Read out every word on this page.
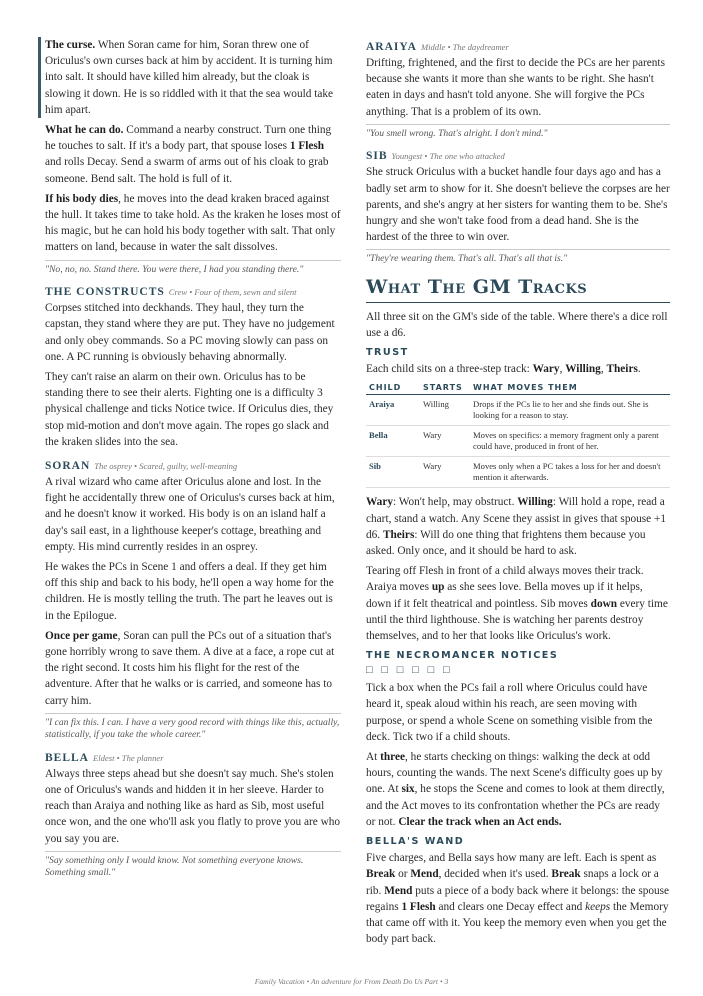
The curse. When Soran came for him, Soran threw one of Oriculus's own curses back at him by accident. It is turning him into salt. It should have killed him already, but the cloak is slowing it down. He is so riddled with it that the sea would take him apart.

What he can do. Command a nearby construct. Turn one thing he touches to salt. If it's a body part, that spouse loses 1 Flesh and rolls Decay. Send a swarm of arms out of his cloak to grab someone. Bend salt. The hold is full of it.

If his body dies, he moves into the dead kraken braced against the hull. It takes time to take hold. As the kraken he loses most of his magic, but he can hold his body together with salt. That only matters on land, because in water the salt dissolves.

"No, no, no. Stand there. You were there, I had you standing there."

THE CONSTRUCTS Crew • Four of them, sewn and silent

Corpses stitched into deckhands. They haul, they turn the capstan, they stand where they are put. They have no judgement and only obey commands. So a PC moving slowly can pass on one. A PC running is obviously behaving abnormally.

They can't raise an alarm on their own. Oriculus has to be standing there to see their alerts. Fighting one is a difficulty 3 physical challenge and ticks Notice twice. If Oriculus dies, they stop mid-motion and don't move again. The ropes go slack and the kraken slides into the sea.

SORAN The osprey • Scared, guilty, well-meaning

A rival wizard who came after Oriculus alone and lost. In the fight he accidentally threw one of Oriculus's curses back at him, and he doesn't know it worked. His body is on an island half a day's sail east, in a lighthouse keeper's cottage, breathing and empty. His mind currently resides in an osprey.

He wakes the PCs in Scene 1 and offers a deal. If they get him off this ship and back to his body, he'll open a way home for the children. He is mostly telling the truth. The part he leaves out is in the Epilogue.

Once per game, Soran can pull the PCs out of a situation that's gone horribly wrong to save them. A dive at a face, a rope cut at the right second. It costs him his flight for the rest of the adventure. After that he walks or is carried, and someone has to carry him.

"I can fix this. I can. I have a very good record with things like this, actually, statistically, if you take the whole career."

BELLA Eldest • The planner

Always three steps ahead but she doesn't say much. She's stolen one of Oriculus's wands and hidden it in her sleeve. Harder to reach than Araiya and nothing like as hard as Sib, most useful once won, and the one who'll ask you flatly to prove you are who you say you are.

"Say something only I would know. Not something everyone knows. Something small."

ARAIYA Middle • The daydreamer

Drifting, frightened, and the first to decide the PCs are her parents because she wants it more than she wants to be right. She hasn't eaten in days and hasn't told anyone. She will forgive the PCs anything. That is a problem of its own.

"You smell wrong. That's alright. I don't mind."

SIB Youngest • The one who attacked

She struck Oriculus with a bucket handle four days ago and has a badly set arm to show for it. She doesn't believe the corpses are her parents, and she's angry at her sisters for wanting them to be. She's hungry and she won't take food from a dead hand. She is the hardest of the three to win over.

"They're wearing them. That's all. That's all that is."

What The GM Tracks

All three sit on the GM's side of the table. Where there's a dice roll use a d6.

TRUST

Each child sits on a three-step track: Wary, Willing, Theirs.

CHILD	STARTS	WHAT MOVES THEM
Araiya	Willing	Drops if the PCs lie to her and she finds out. She is looking for a reason to stay.
Bella	Wary	Moves on specifics: a memory fragment only a parent could have, produced in front of her.
Sib	Wary	Moves only when a PC takes a loss for her and doesn't mention it afterwards.

Wary: Won't help, may obstruct. Willing: Will hold a rope, read a chart, stand a watch. Any Scene they assist in gives that spouse +1 d6. Theirs: Will do one thing that frightens them because you asked. Only once, and it should be hard to ask.

Tearing off Flesh in front of a child always moves their track. Araiya moves up as she sees love. Bella moves up if it helps, down if it felt theatrical and pointless. Sib moves down every time until the third lighthouse. She is watching her parents destroy themselves, and to her that looks like Oriculus's work.

THE NECROMANCER NOTICES
□ □ □ □ □ □

Tick a box when the PCs fail a roll where Oriculus could have heard it, speak aloud within his reach, are seen moving with purpose, or spend a whole Scene on something visible from the deck. Tick two if a child shouts.

At three, he starts checking on things: walking the deck at odd hours, counting the wands. The next Scene's difficulty goes up by one. At six, he stops the Scene and comes to look at them directly, and the Act moves to its confrontation whether the PCs are ready or not. Clear the track when an Act ends.

BELLA'S WAND

Five charges, and Bella says how many are left. Each is spent as Break or Mend, decided when it's used. Break snaps a lock or a rib. Mend puts a piece of a body back where it belongs: the spouse regains 1 Flesh and clears one Decay effect and keeps the Memory that came off with it. You keep the memory even when you get the body part back.

Family Vacation • An adventure for From Death Do Us Part • 3
